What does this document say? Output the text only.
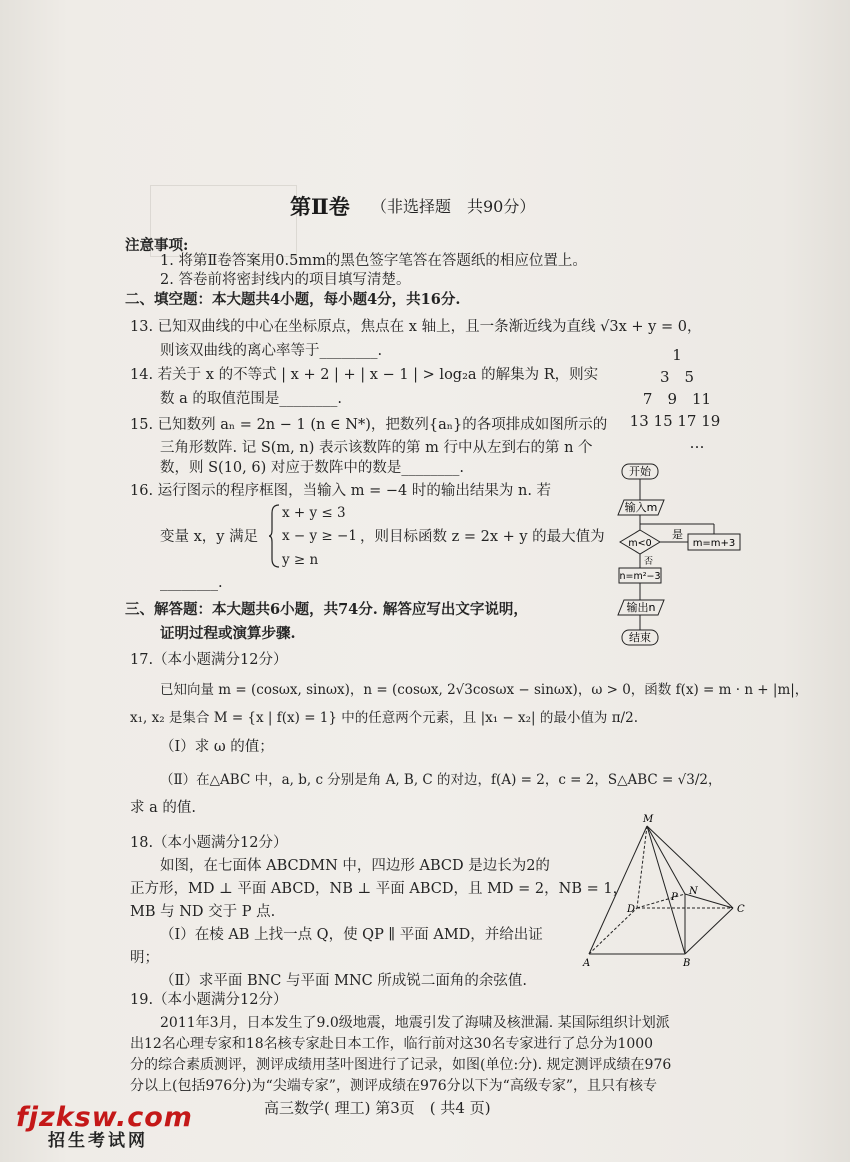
第Ⅱ卷 （非选择题　共90分）
注意事项:
1. 将第Ⅱ卷答案用0.5mm的黑色签字笔答在答题纸的相应位置上。
2. 答卷前将密封线内的项目填写清楚。
二、填空题：本大题共4小题，每小题4分，共16分.
13. 已知双曲线的中心在坐标原点，焦点在 x 轴上，且一条渐近线为直线 √3x + y = 0，
则该双曲线的离心率等于________.
14. 若关于 x 的不等式 | x + 2 | + | x − 1 | > log₂a 的解集为 R，则实
数 a 的取值范围是________.
15. 已知数列 aₙ = 2n − 1 (n ∈ N*)，把数列{aₙ}的各项排成如图所示的
三角形数阵. 记 S(m, n) 表示该数阵的第 m 行中从左到右的第 n 个
数，则 S(10, 6) 对应于数阵中的数是________.
16. 运行图示的程序框图，当输入 m = −4 时的输出结果为 n. 若
变量 x，y 满足
x + y ≤ 3
x − y ≥ −1
y ≥ n
，则目标函数 z = 2x + y 的最大值为
________.
1
3　5
7　9　11
13 15 17 19
…
开始
输入m
m<0
是
m=m+3
否
n=m²−3
输出n
结束
三、解答题：本大题共6小题，共74分. 解答应写出文字说明，
证明过程或演算步骤.
17.（本小题满分12分）
已知向量 m = (cosωx, sinωx)，n = (cosωx, 2√3cosωx − sinωx)，ω > 0，函数 f(x) = m · n + |m|，
x₁, x₂ 是集合 M = {x | f(x) = 1} 中的任意两个元素，且 |x₁ − x₂| 的最小值为 π/2.
（Ⅰ）求 ω 的值；
（Ⅱ）在△ABC 中，a, b, c 分别是角 A, B, C 的对边，f(A) = 2，c = 2，S△ABC = √3/2，
求 a 的值.
18.（本小题满分12分）
如图，在七面体 ABCDMN 中，四边形 ABCD 是边长为2的
正方形，MD ⊥ 平面 ABCD，NB ⊥ 平面 ABCD，且 MD = 2，NB = 1，
MB 与 ND 交于 P 点.
（Ⅰ）在棱 AB 上找一点 Q，使 QP ∥ 平面 AMD，并给出证
明；
（Ⅱ）求平面 BNC 与平面 MNC 所成锐二面角的余弦值.
M
N
P
D	C
A	B
19.（本小题满分12分）
2011年3月，日本发生了9.0级地震，地震引发了海啸及核泄漏. 某国际组织计划派
出12名心理专家和18名核专家赴日本工作，临行前对这30名专家进行了总分为1000
分的综合素质测评，测评成绩用茎叶图进行了记录，如图(单位:分). 规定测评成绩在976
分以上(包括976分)为“尖端专家”，测评成绩在976分以下为“高级专家”，且只有核专
高三数学( 理工) 第3页　( 共4 页)
fjzksw.com
招生考试网
